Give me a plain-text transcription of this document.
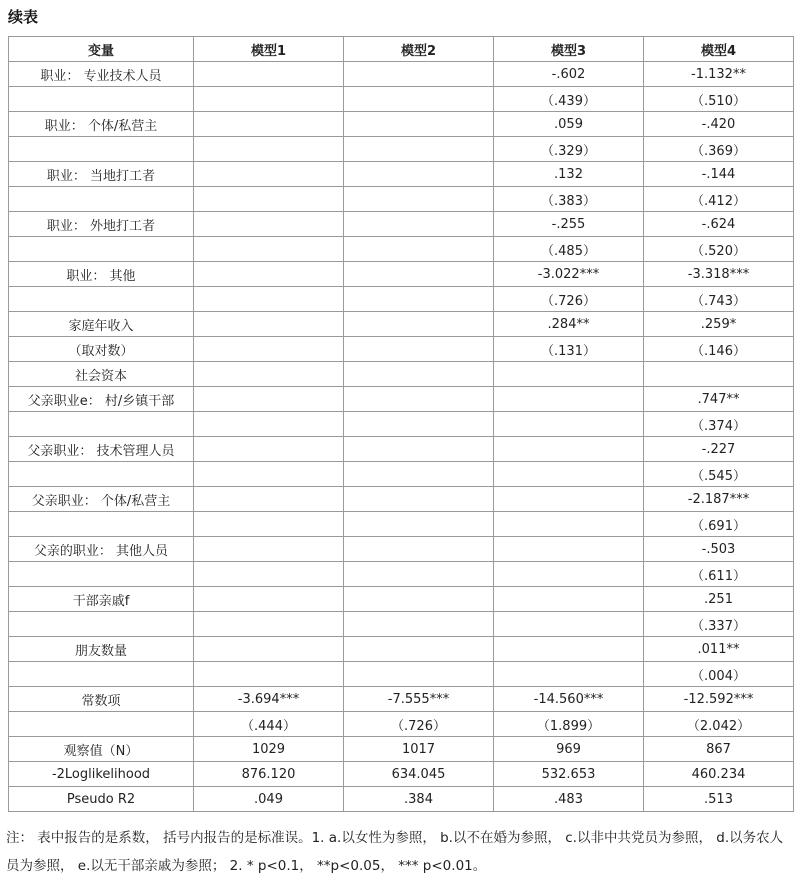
续表
变量	模型1	模型2	模型3	模型4
职业： 专业技术人员			-.602	-1.132**
			（.439）	（.510）
职业： 个体/私营主			.059	-.420
			（.329）	（.369）
职业： 当地打工者			.132	-.144
			（.383）	（.412）
职业： 外地打工者			-.255	-.624
			（.485）	（.520）
职业： 其他			-3.022***	-3.318***
			（.726）	（.743）
家庭年收入			.284**	.259*
（取对数）			（.131）	（.146）
社会资本				
父亲职业e： 村/乡镇干部				.747**
				（.374）
父亲职业： 技术管理人员				-.227
				（.545）
父亲职业： 个体/私营主				-2.187***
				（.691）
父亲的职业： 其他人员				-.503
				（.611）
干部亲戚f				.251
				（.337）
朋友数量				.011**
				（.004）
常数项	-3.694***	-7.555***	-14.560***	-12.592***
	（.444）	（.726）	（1.899）	（2.042）
观察值（N）	1029	1017	969	867
-2Loglikelihood	876.120	634.045	532.653	460.234
Pseudo R2	.049	.384	.483	.513
注： 表中报告的是系数， 括号内报告的是标准误。1. a.以女性为参照， b.以不在婚为参照， c.以非中共党员为参照， d.以务农人员为参照， e.以无干部亲戚为参照； 2. * p<0.1， **p<0.05， *** p<0.01。
